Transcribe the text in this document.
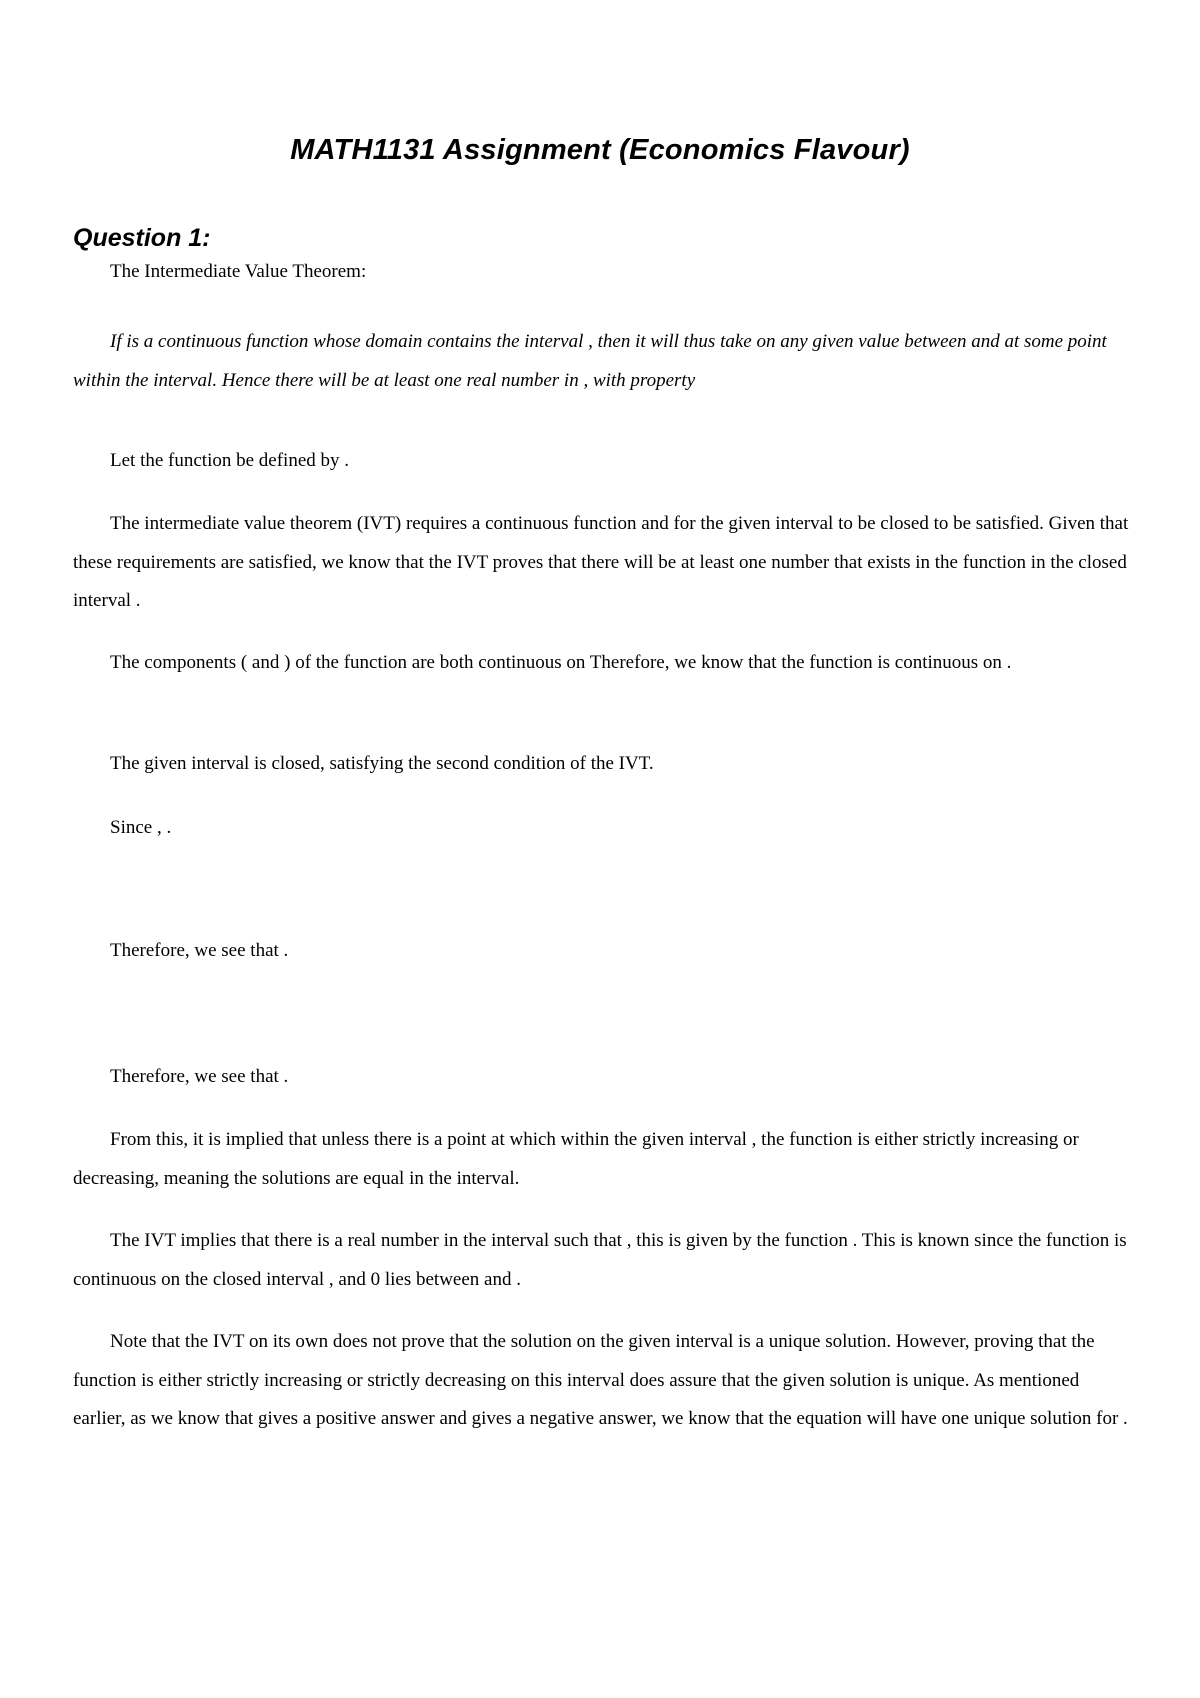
MATH1131 Assignment (Economics Flavour)
Question 1:

The Intermediate Value Theorem:

If is a continuous function whose domain contains the interval , then it will thus take on any given value between and at some point within the interval. Hence there will be at least one real number in , with property

Let the function be defined by .

The intermediate value theorem (IVT) requires a continuous function and for the given interval to be closed to be satisfied. Given that these requirements are satisfied, we know that the IVT proves that there will be at least one number that exists in the function in the closed interval .

The components ( and ) of the function are both continuous on Therefore, we know that the function is continuous on .

The given interval is closed, satisfying the second condition of the IVT.

Since , .

Therefore, we see that .

Therefore, we see that .

From this, it is implied that unless there is a point at which within the given interval , the function is either strictly increasing or decreasing, meaning the solutions are equal in the interval.

The IVT implies that there is a real number in the interval such that , this is given by the function . This is known since the function is continuous on the closed interval , and 0 lies between and .

Note that the IVT on its own does not prove that the solution on the given interval is a unique solution. However, proving that the function is either strictly increasing or strictly decreasing on this interval does assure that the given solution is unique. As mentioned earlier, as we know that gives a positive answer and gives a negative answer, we know that the equation will have one unique solution for .
